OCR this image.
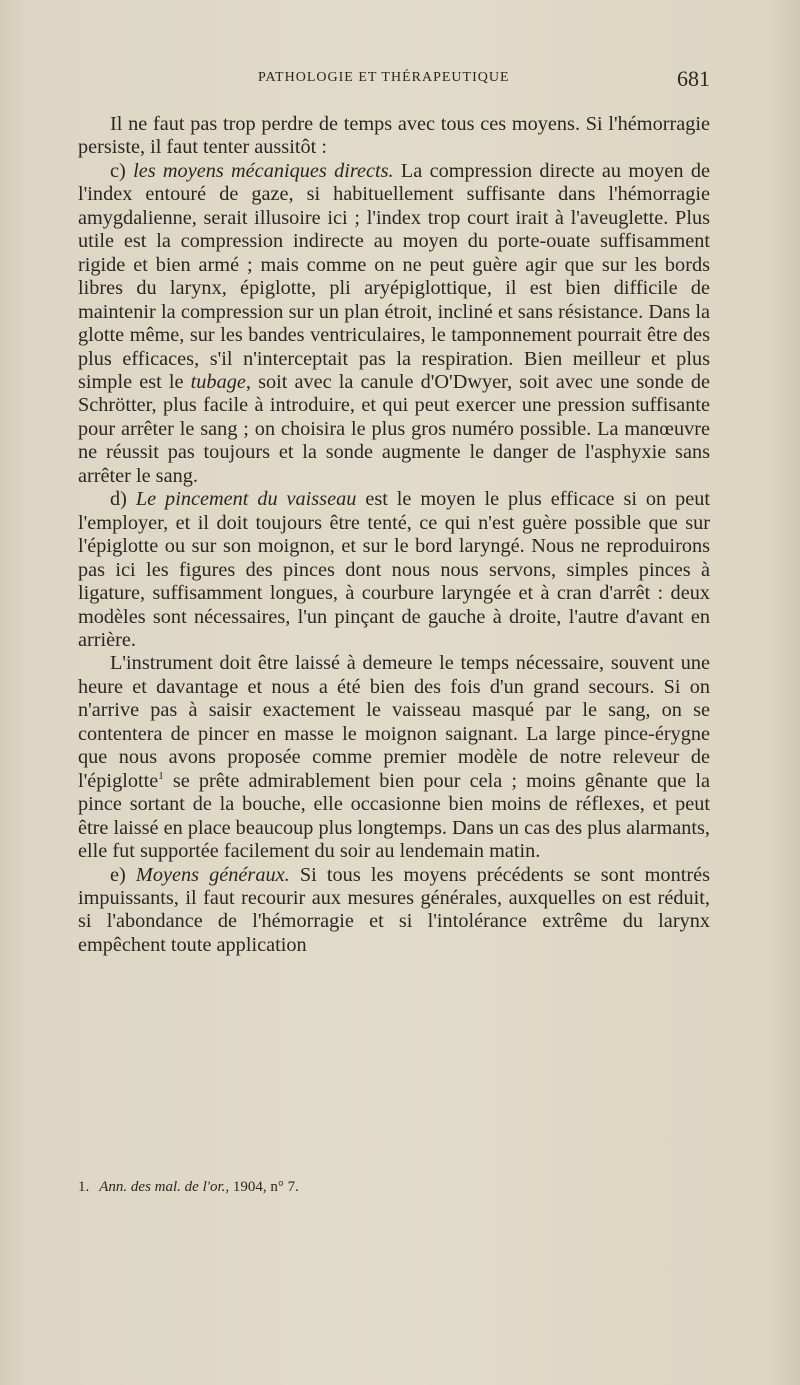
PATHOLOGIE ET THÉRAPEUTIQUE	681

Il ne faut pas trop perdre de temps avec tous ces moyens. Si l'hémorragie persiste, il faut tenter aussitôt :

c) les moyens mécaniques directs. La compression directe au moyen de l'index entouré de gaze, si habituellement suffisante dans l'hémorragie amygdalienne, serait illusoire ici ; l'index trop court irait à l'aveuglette. Plus utile est la compression indirecte au moyen du porte-ouate suffisamment rigide et bien armé ; mais comme on ne peut guère agir que sur les bords libres du larynx, épiglotte, pli aryépiglottique, il est bien difficile de maintenir la compression sur un plan étroit, incliné et sans résistance. Dans la glotte même, sur les bandes ventriculaires, le tamponnement pourrait être des plus efficaces, s'il n'interceptait pas la respiration. Bien meilleur et plus simple est le tubage, soit avec la canule d'O'Dwyer, soit avec une sonde de Schrötter, plus facile à introduire, et qui peut exercer une pression suffisante pour arrêter le sang ; on choisira le plus gros numéro possible. La manœuvre ne réussit pas toujours et la sonde augmente le danger de l'asphyxie sans arrêter le sang.

d) Le pincement du vaisseau est le moyen le plus efficace si on peut l'employer, et il doit toujours être tenté, ce qui n'est guère possible que sur l'épiglotte ou sur son moignon, et sur le bord laryngé. Nous ne reproduirons pas ici les figures des pinces dont nous nous servons, simples pinces à ligature, suffisamment longues, à courbure laryngée et à cran d'arrêt : deux modèles sont nécessaires, l'un pinçant de gauche à droite, l'autre d'avant en arrière.

L'instrument doit être laissé à demeure le temps nécessaire, souvent une heure et davantage et nous a été bien des fois d'un grand secours. Si on n'arrive pas à saisir exactement le vaisseau masqué par le sang, on se contentera de pincer en masse le moignon saignant. La large pince-érygne que nous avons proposée comme premier modèle de notre releveur de l'épiglotte$^1$ se prête admirablement bien pour cela ; moins gênante que la pince sortant de la bouche, elle occasionne bien moins de réflexes, et peut être laissé en place beaucoup plus longtemps. Dans un cas des plus alarmants, elle fut supportée facilement du soir au lendemain matin.

e) Moyens généraux. Si tous les moyens précédents se sont montrés impuissants, il faut recourir aux mesures générales, auxquelles on est réduit, si l'abondance de l'hémorragie et si l'intolérance extrême du larynx empêchent toute application

1. Ann. des mal. de l'or., 1904, n° 7.
